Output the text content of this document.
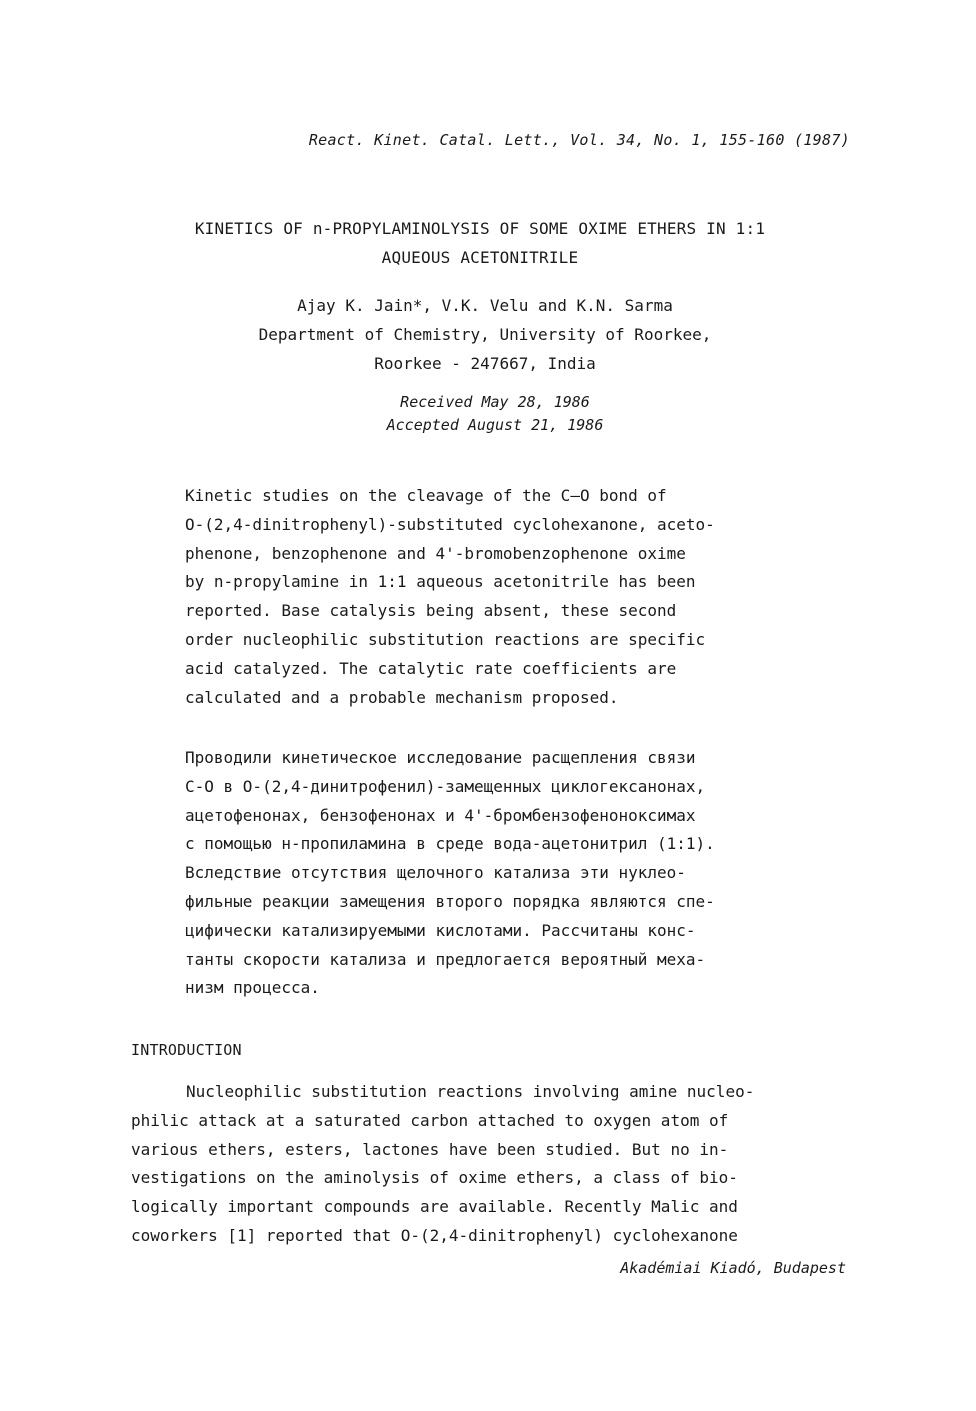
React. Kinet. Catal. Lett., Vol. 34, No. 1, 155-160 (1987)
KINETICS OF n-PROPYLAMINOLYSIS OF SOME OXIME ETHERS IN 1:1
AQUEOUS ACETONITRILE
Ajay K. Jain*, V.K. Velu and K.N. Sarma
Department of Chemistry, University of Roorkee,
Roorkee - 247667, India
Received May 28, 1986
Accepted August 21, 1986
Kinetic studies on the cleavage of the C—O bond of
O-(2,4-dinitrophenyl)-substituted cyclohexanone, aceto-
phenone, benzophenone and 4'-bromobenzophenone oxime
by n-propylamine in 1:1 aqueous acetonitrile has been
reported. Base catalysis being absent, these second
order nucleophilic substitution reactions are specific
acid catalyzed. The catalytic rate coefficients are
calculated and a probable mechanism proposed.
Проводили кинетическое исследование расщепления связи
C-O в O-(2,4-динитрофенил)-замещенных циклогексанонах,
ацетофенонах, бензофенонах и 4'-бромбензофеноноксимах
с помощью н-пропиламина в среде вода-ацетонитрил (1:1).
Вследствие отсутствия щелочного катализа эти нуклео-
фильные реакции замещения второго порядка являются спе-
цифически катализируемыми кислотами. Рассчитаны конс-
танты скорости катализа и предлогается вероятный меха-
низм процесса.
INTRODUCTION
Nucleophilic substitution reactions involving amine nucleo-
philic attack at a saturated carbon attached to oxygen atom of
various ethers, esters, lactones have been studied. But no in-
vestigations on the aminolysis of oxime ethers, a class of bio-
logically important compounds are available. Recently Malic and
coworkers [1] reported that O-(2,4-dinitrophenyl) cyclohexanone
Akadémiai Kiadó, Budapest
